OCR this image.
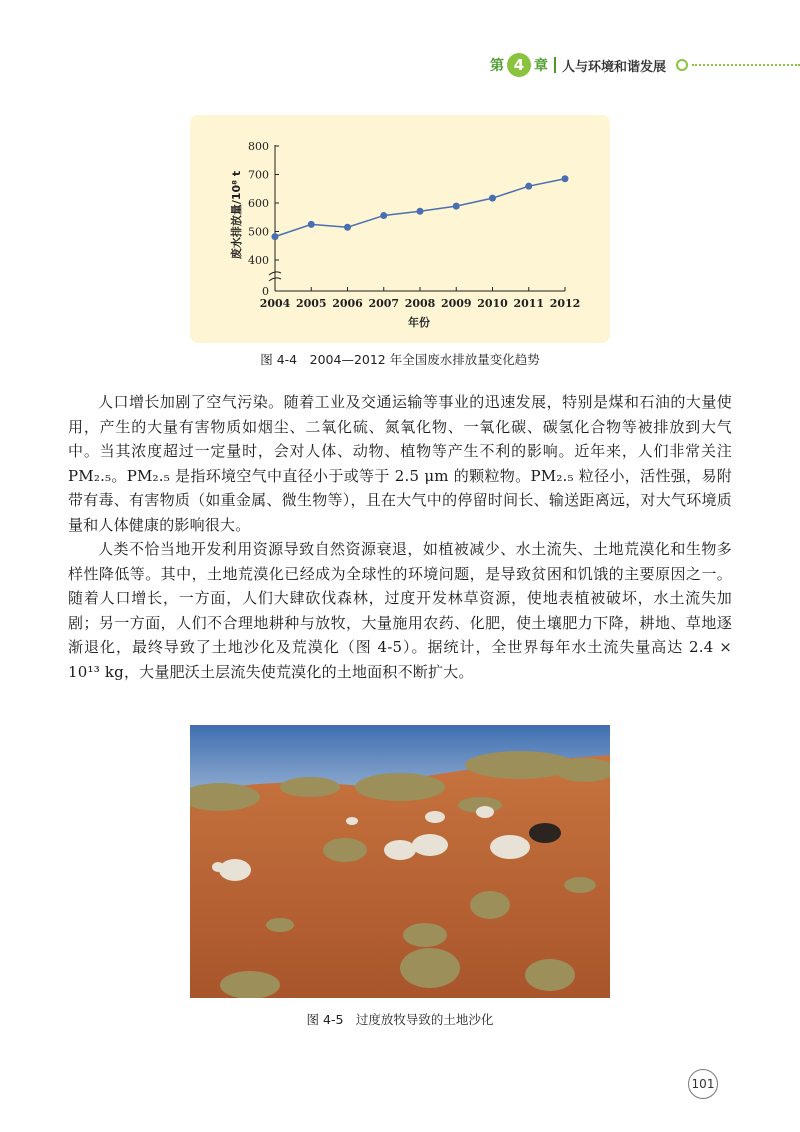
第 4 章 人与环境和谐发展
0
400
500
600
700
800
2004 2005 2006 2007 2008 2009 2010 2011 2012
废水排放量/10⁸ t
年份
图 4-4　2004—2012 年全国废水排放量变化趋势

人口增长加剧了空气污染。随着工业及交通运输等事业的迅速发展，特别是煤和石油的大量使用，产生的大量有害物质如烟尘、二氧化硫、氮氧化物、一氧化碳、碳氢化合物等被排放到大气中。当其浓度超过一定量时，会对人体、动物、植物等产生不利的影响。近年来，人们非常关注 PM₂.₅。PM₂.₅ 是指环境空气中直径小于或等于 2.5 μm 的颗粒物。PM₂.₅ 粒径小，活性强，易附带有毒、有害物质（如重金属、微生物等），且在大气中的停留时间长、输送距离远，对大气环境质量和人体健康的影响很大。

人类不恰当地开发利用资源导致自然资源衰退，如植被减少、水土流失、土地荒漠化和生物多样性降低等。其中，土地荒漠化已经成为全球性的环境问题，是导致贫困和饥饿的主要原因之一。随着人口增长，一方面，人们大肆砍伐森林，过度开发林草资源，使地表植被破坏，水土流失加剧；另一方面，人们不合理地耕种与放牧，大量施用农药、化肥，使土壤肥力下降，耕地、草地逐渐退化，最终导致了土地沙化及荒漠化（图 4-5）。据统计，全世界每年水土流失量高达 2.4 × 10¹³ kg，大量肥沃土层流失使荒漠化的土地面积不断扩大。

图 4-5　过度放牧导致的土地沙化
101
